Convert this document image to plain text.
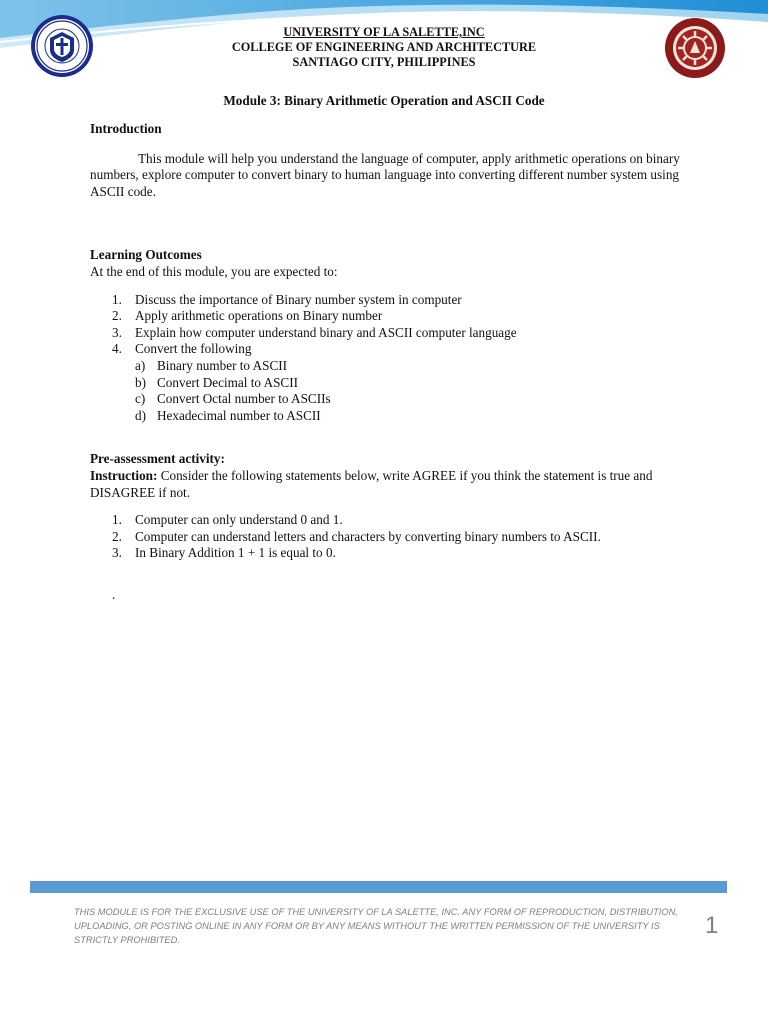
UNIVERSITY OF LA SALETTE,INC
COLLEGE OF ENGINEERING AND ARCHITECTURE
SANTIAGO CITY, PHILIPPINES
Module 3: Binary Arithmetic Operation and ASCII Code

Introduction

This module will help you understand the language of computer, apply arithmetic operations on binary numbers, explore computer to convert binary to human language into converting different number system using ASCII code.

Learning Outcomes

At the end of this module, you are expected to:

1. Discuss the importance of Binary number system in computer
2. Apply arithmetic operations on Binary number
3. Explain how computer understand binary and ASCII computer language
4. Convert the following
a) Binary number to ASCII
b) Convert Decimal to ASCII
c) Convert Octal number to ASCIIs
d) Hexadecimal number to ASCII

Pre-assessment activity:

Instruction: Consider the following statements below, write AGREE if you think the statement is true and DISAGREE if not.

1. Computer can only understand 0 and 1.
2. Computer can understand letters and characters by converting binary numbers to ASCII.
3. In Binary Addition 1 + 1 is equal to 0.

.

THIS MODULE IS FOR THE EXCLUSIVE USE OF THE UNIVERSITY OF LA SALETTE, INC. ANY FORM OF REPRODUCTION, DISTRIBUTION, UPLOADING, OR POSTING ONLINE IN ANY FORM OR BY ANY MEANS WITHOUT THE WRITTEN PERMISSION OF THE UNIVERSITY IS STRICTLY PROHIBITED.
1
